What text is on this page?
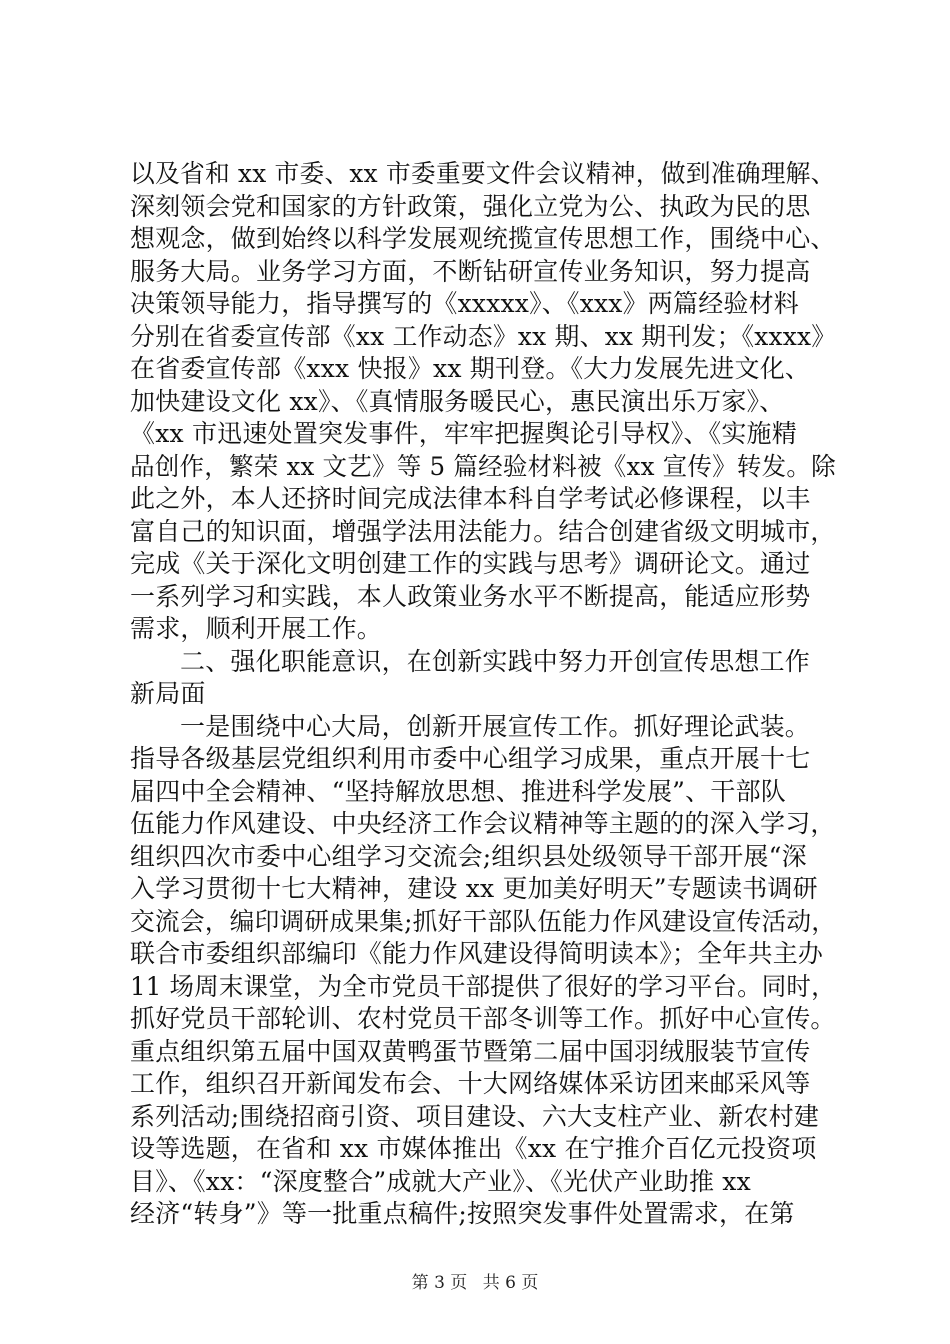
以及省和 xx 市委、xx 市委重要文件会议精神，做到准确理解、
深刻领会党和国家的方针政策，强化立党为公、执政为民的思
想观念，做到始终以科学发展观统揽宣传思想工作，围绕中心、
服务大局。业务学习方面，不断钻研宣传业务知识，努力提高
决策领导能力，指导撰写的《xxxxx》、《xxx》两篇经验材料
分别在省委宣传部《xx 工作动态》xx 期、xx 期刊发；《xxxx》
在省委宣传部《xxx 快报》xx 期刊登。《大力发展先进文化、
加快建设文化 xx》、《真情服务暖民心，惠民演出乐万家》、
《xx 市迅速处置突发事件，牢牢把握舆论引导权》、《实施精
品创作，繁荣 xx 文艺》等 5 篇经验材料被《xx 宣传》转发。除
此之外，本人还挤时间完成法律本科自学考试必修课程，以丰
富自己的知识面，增强学法用法能力。结合创建省级文明城市，
完成《关于深化文明创建工作的实践与思考》调研论文。通过
一系列学习和实践，本人政策业务水平不断提高，能适应形势
需求，顺利开展工作。
二、强化职能意识，在创新实践中努力开创宣传思想工作
新局面
一是围绕中心大局，创新开展宣传工作。抓好理论武装。
指导各级基层党组织利用市委中心组学习成果，重点开展十七
届四中全会精神、“坚持解放思想、推进科学发展”、干部队
伍能力作风建设、中央经济工作会议精神等主题的的深入学习，
组织四次市委中心组学习交流会;组织县处级领导干部开展“深
入学习贯彻十七大精神，建设 xx 更加美好明天”专题读书调研
交流会，编印调研成果集;抓好干部队伍能力作风建设宣传活动，
联合市委组织部编印《能力作风建设得简明读本》；全年共主办
11 场周末课堂，为全市党员干部提供了很好的学习平台。同时，
抓好党员干部轮训、农村党员干部冬训等工作。抓好中心宣传。
重点组织第五届中国双黄鸭蛋节暨第二届中国羽绒服装节宣传
工作，组织召开新闻发布会、十大网络媒体采访团来邮采风等
系列活动;围绕招商引资、项目建设、六大支柱产业、新农村建
设等选题，在省和 xx 市媒体推出《xx 在宁推介百亿元投资项
目》、《xx：“深度整合”成就大产业》、《光伏产业助推 xx
经济“转身”》等一批重点稿件;按照突发事件处置需求，在第
第 3 页 共 6 页
